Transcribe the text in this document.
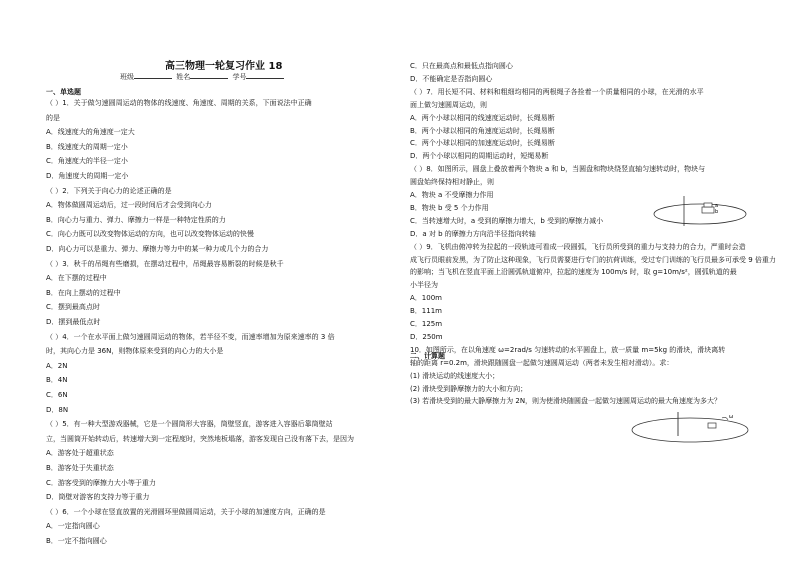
高三物理一轮复习作业 18
班级	姓名	学号
一、单选题
（ ）1．关于做匀速圆周运动的物体的线速度、角速度、周期的关系，下面说法中正确
的是
A．线速度大的角速度一定大
B．线速度大的周期一定小
C．角速度大的半径一定小
D．角速度大的周期一定小
（ ）2．下列关于向心力的论述正确的是
A．物体做圆周运动后，过一段时间后才会受到向心力
B．向心力与重力、弹力、摩擦力一样是一种特定性质的力
C．向心力既可以改变物体运动的方向，也可以改变物体运动的快慢
D．向心力可以是重力、弹力、摩擦力等力中的某一种力或几个力的合力
（ ）3．秋千的吊绳有些磨损，在摆动过程中，吊绳最容易断裂的时候是秋千
A．在下摆的过程中
B．在向上摆动的过程中
C．摆到最高点时
D．摆到最低点时
（ ）4．一个在水平面上做匀速圆周运动的物体，若半径不变，而速率增加为原来速率的 3 倍
时，其向心力是 36N，则物体原来受到的向心力的大小是
A．2N
B．4N
C．6N
D．8N
（ ）5．有一种大型游戏器械，它是一个圆筒形大容器，筒壁竖直，游客进入容器后靠筒壁站
立，当圆筒开始转动后，转速增大到一定程度时，突然地板塌落，游客发现自己没有落下去，是因为
A．游客处于超重状态
B．游客处于失重状态
C．游客受到的摩擦力大小等于重力
D．筒壁对游客的支持力等于重力
（ ）6．一个小球在竖直放置的光滑圆环里做圆周运动，关于小球的加速度方向，正确的是
A．一定指向圆心
B．一定不指向圆心
C．只在最高点和最低点指向圆心
D．不能确定是否指向圆心
（ ）7．用长短不同、材料和粗细均相同的两根绳子各拴着一个质量相同的小球，在光滑的水平
面上做匀速圆周运动，则
A．两个小球以相同的线速度运动时，长绳易断
B．两个小球以相同的角速度运动时，长绳易断
C．两个小球以相同的加速度运动时，长绳易断
D．两个小球以相同的周期运动时，短绳易断
（ ）8．如图所示，圆盘上叠放着两个物块 a 和 b，当圆盘和物块绕竖直轴匀速转动时，物块与
圆盘始终保持相对静止，则
A．物块 a 不受摩擦力作用
B．物块 b 受 5 个力作用
C．当转速增大时，a 受到的摩擦力增大，b 受到的摩擦力减小
D．a 对 b 的摩擦力方向沿半径指向转轴
（ ）9．飞机由俯冲转为拉起的一段轨迹可看成一段圆弧，飞行员所受到的重力与支持力的合力，严重时会造
成飞行员眼前发黑，为了防止这种现象，飞行员需要进行专门的抗荷训练，受过专门训练的飞行员最多可承受 9 倍重力
的影响；当飞机在竖直平面上沿圆弧轨道俯冲，拉起的速度为 100m/s 时，取 g=10m/s²，圆弧轨道的最
小半径为
A．100m
B．111m
C．125m
D．250m
10．如图所示，在以角速度 ω=2rad/s 匀速转动的水平圆盘上，放一质量 m=5kg 的滑块，滑块离转
轴的距离 r=0.2m，滑块跟随圆盘一起做匀速圆周运动（两者未发生相对滑动）。求：
(1) 滑块运动的线速度大小；
(2) 滑块受到静摩擦力的大小和方向；
(3) 若滑块受到的最大静摩擦力为 2N，则为使滑块随圆盘一起做匀速圆周运动的最大角速度为多大？
二、计算题
a
b
ω
